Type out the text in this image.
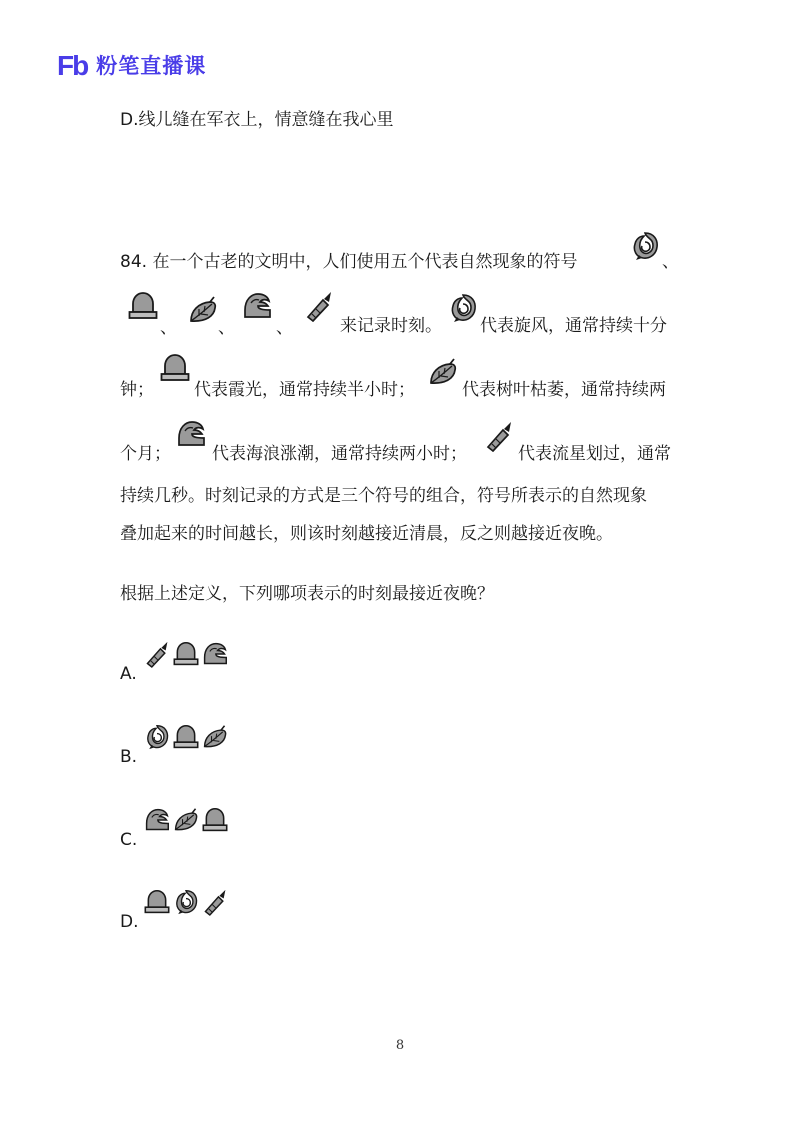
Fb 粉笔直播课
D.线儿缝在军衣上，情意缝在我心里
84. 在一个古老的文明中，人们使用五个代表自然现象的符号	、
、 、 、	来记录时刻。 代表旋风，通常持续十分
钟； 代表霞光，通常持续半小时；	代表树叶枯萎，通常持续两
个月； 代表海浪涨潮，通常持续两小时；	代表流星划过，通常
持续几秒。时刻记录的方式是三个符号的组合，符号所表示的自然现象
叠加起来的时间越长，则该时刻越接近清晨，反之则越接近夜晚。
根据上述定义，下列哪项表示的时刻最接近夜晚？
A.
B.
C.
D.
8
